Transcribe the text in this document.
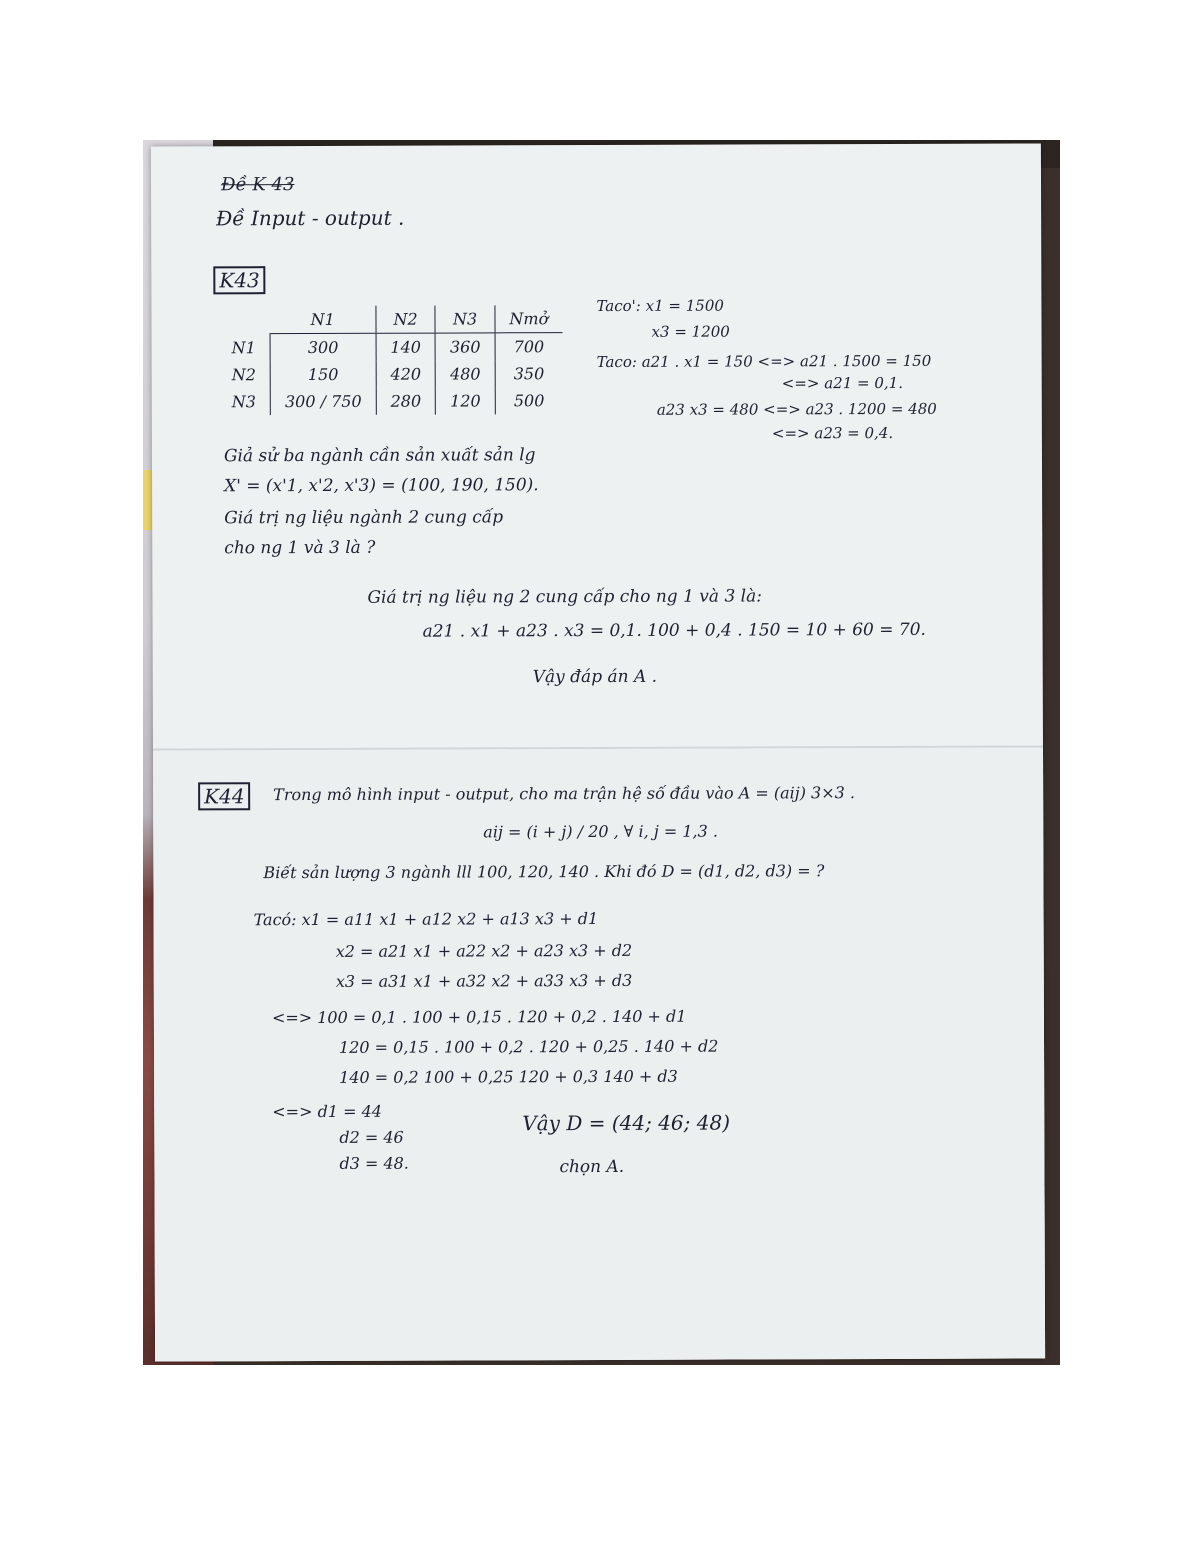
Đề K 43
Đề Input - output .
K43
	N1	N2	N3	Nmở
N1	300	140	360	700
N2	150	420	480	350
N3	300 / 750	280	120	500
Taco': x1 = 1500
x3 = 1200
Taco: a21 . x1 = 150 <=> a21 . 1500 = 150
<=> a21 = 0,1.
a23 x3 = 480 <=> a23 . 1200 = 480
<=> a23 = 0,4.
Giả sử ba ngành cần sản xuất sản lg
X' = (x'1, x'2, x'3) = (100, 190, 150).
Giá trị ng liệu ngành 2 cung cấp
cho ng 1 và 3 là ?
Giá trị ng liệu ng 2 cung cấp cho ng 1 và 3 là:
a21 . x1 + a23 . x3 = 0,1. 100 + 0,4 . 150 = 10 + 60 = 70.
Vậy đáp án A .
K44	Trong mô hình input - output, cho ma trận hệ số đầu vào A = (aij) 3×3 .
aij = (i + j) / 20 , ∀ i, j = 1,3 .
Biết sản lượng 3 ngành lll 100, 120, 140 . Khi đó D = (d1, d2, d3) = ?
Tacó: x1 = a11 x1 + a12 x2 + a13 x3 + d1
x2 = a21 x1 + a22 x2 + a23 x3 + d2
x3 = a31 x1 + a32 x2 + a33 x3 + d3
<=> 100 = 0,1 . 100 + 0,15 . 120 + 0,2 . 140 + d1
120 = 0,15 . 100 + 0,2 . 120 + 0,25 . 140 + d2
140 = 0,2 100 + 0,25 120 + 0,3 140 + d3
<=> d1 = 44
d2 = 46
d3 = 48.
Vậy D = (44; 46; 48)
chọn A.
